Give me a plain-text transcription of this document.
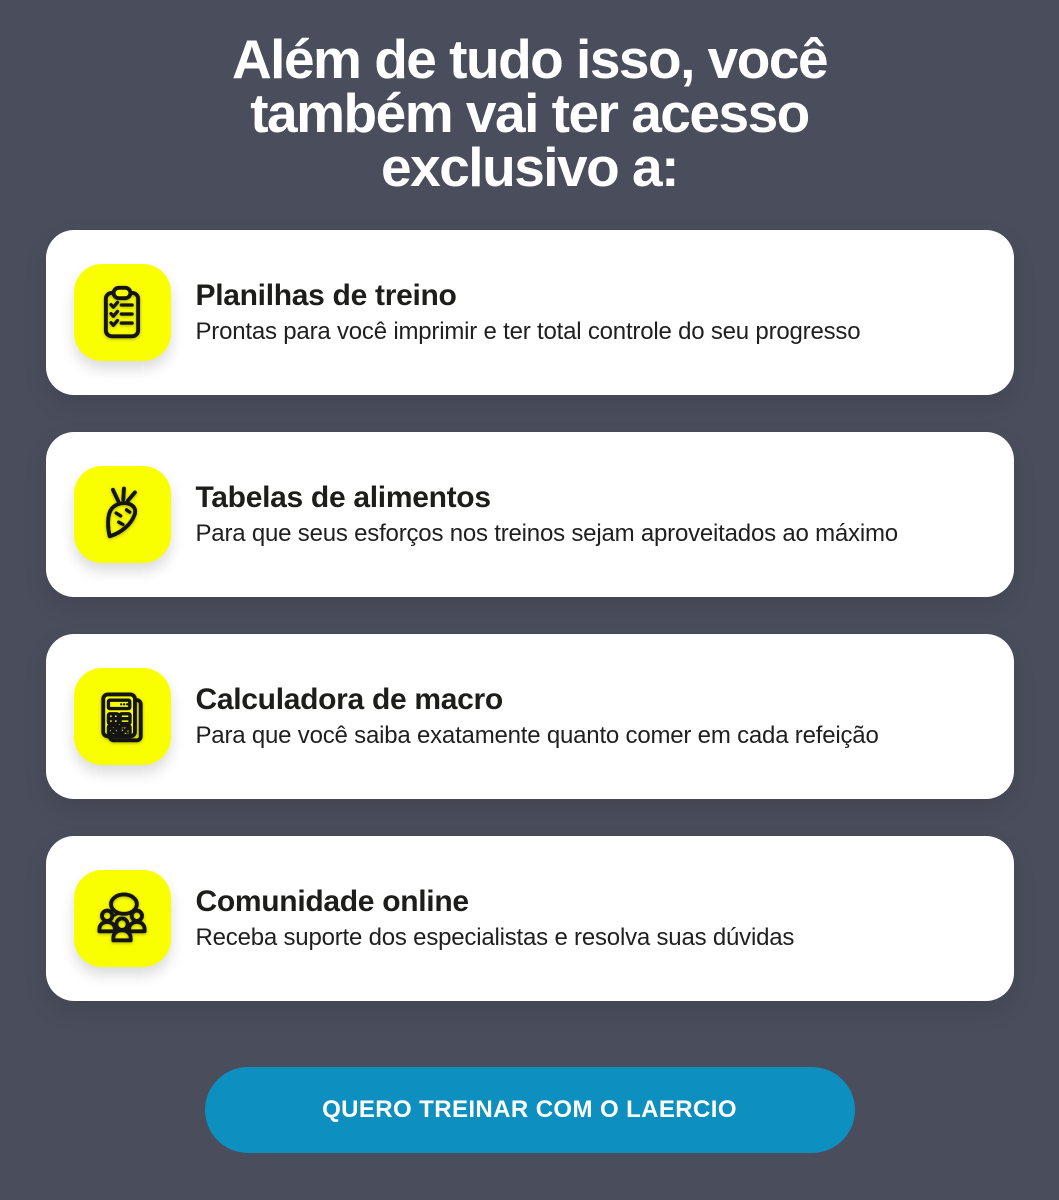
Além de tudo isso, você
também vai ter acesso
exclusivo a:
Planilhas de treino
Prontas para você imprimir e ter total controle do seu progresso
Tabelas de alimentos
Para que seus esforços nos treinos sejam aproveitados ao máximo
Calculadora de macro
Para que você saiba exatamente quanto comer em cada refeição
Comunidade online
Receba suporte dos especialistas e resolva suas dúvidas
QUERO TREINAR COM O LAERCIO
